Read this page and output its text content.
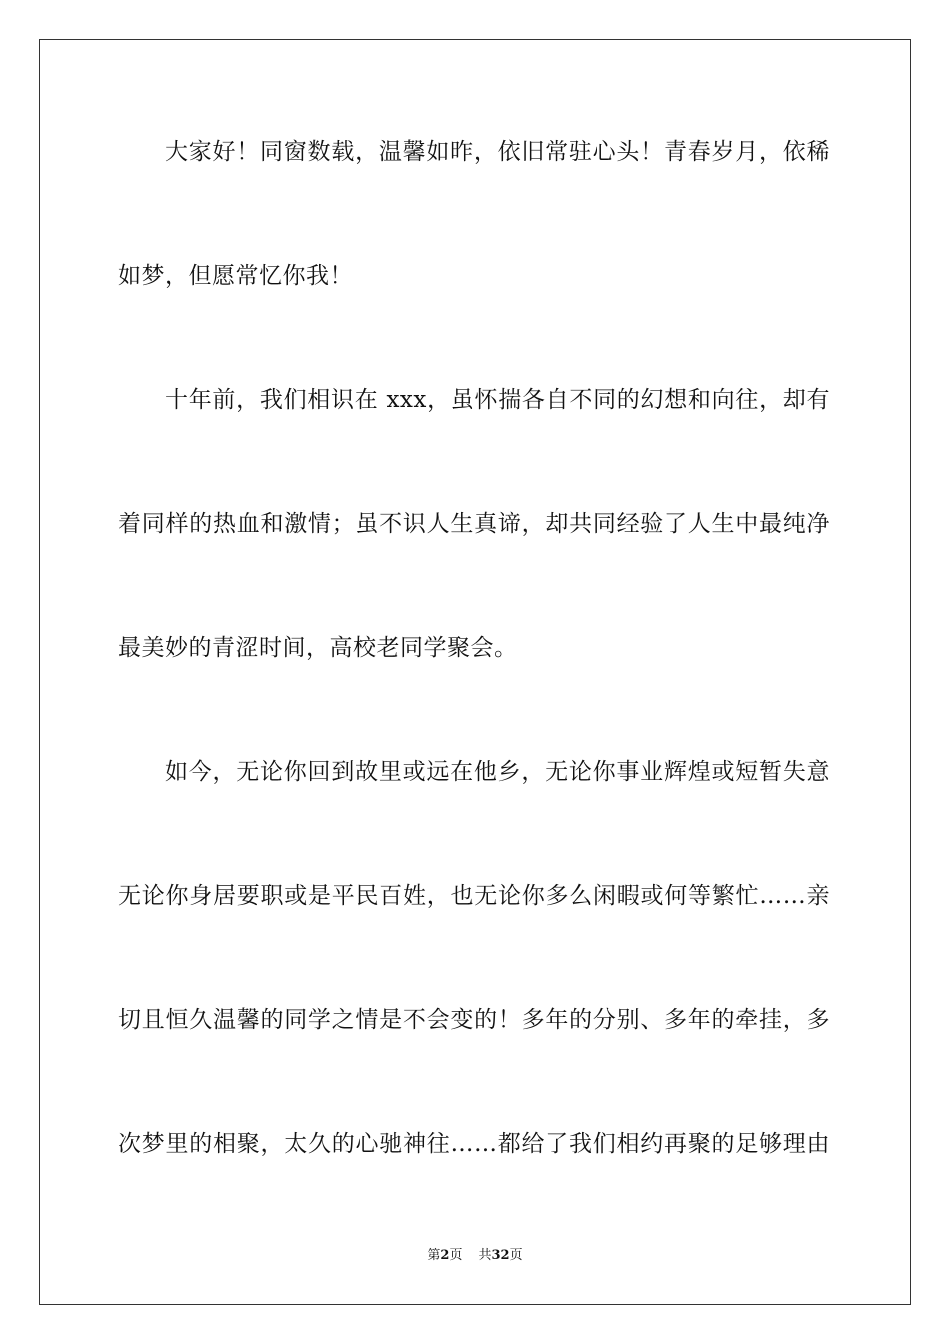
大家好！同窗数载，温馨如昨，依旧常驻心头！青春岁月，依稀
如梦，但愿常忆你我！
十年前，我们相识在 xxx，虽怀揣各自不同的幻想和向往，却有
着同样的热血和激情；虽不识人生真谛，却共同经验了人生中最纯净
最美妙的青涩时间，高校老同学聚会。
如今，无论你回到故里或远在他乡，无论你事业辉煌或短暂失意
无论你身居要职或是平民百姓，也无论你多么闲暇或何等繁忙……亲
切且恒久温馨的同学之情是不会变的！多年的分别、多年的牵挂，多
次梦里的相聚，太久的心驰神往……都给了我们相约再聚的足够理由
第2页 共32页
